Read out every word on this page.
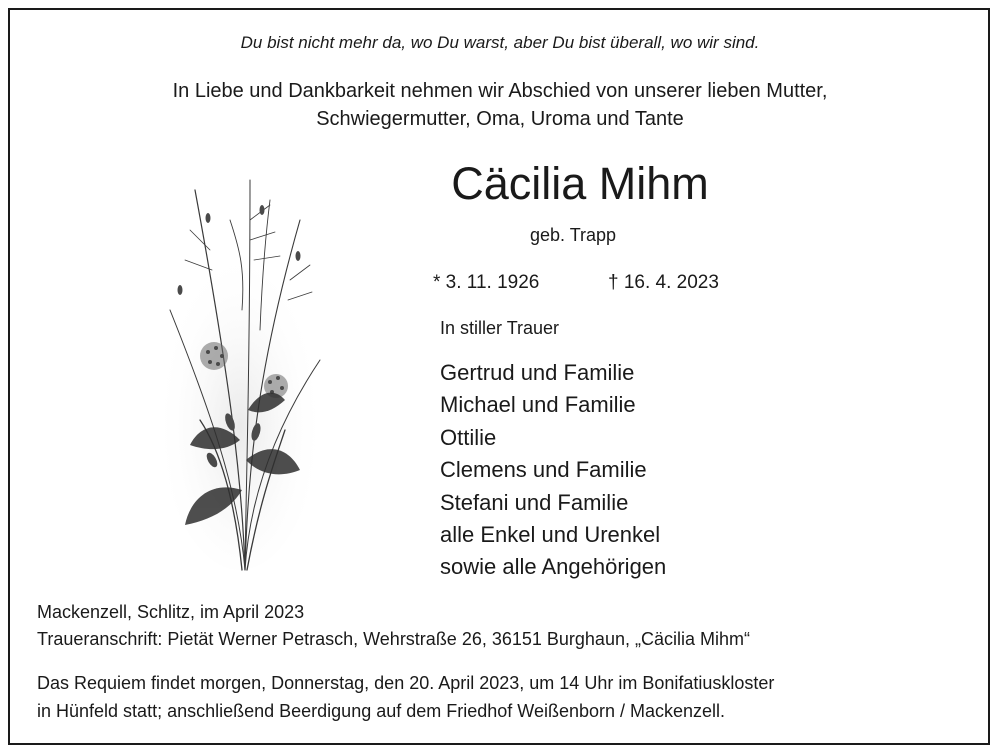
Du bist nicht mehr da, wo Du warst, aber Du bist überall, wo wir sind.
In Liebe und Dankbarkeit nehmen wir Abschied von unserer lieben Mutter,
Schwiegermutter, Oma, Uroma und Tante
Cäcilia Mihm
geb. Trapp
* 3. 11. 1926	† 16. 4. 2023
In stiller Trauer
Gertrud und Familie
Michael und Familie
Ottilie
Clemens und Familie
Stefani und Familie
alle Enkel und Urenkel
sowie alle Angehörigen
Mackenzell, Schlitz, im April 2023
Traueranschrift: Pietät Werner Petrasch, Wehrstraße 26, 36151 Burghaun, „Cäcilia Mihm“
Das Requiem findet morgen, Donnerstag, den 20. April 2023, um 14 Uhr im Bonifatiuskloster
in Hünfeld statt; anschließend Beerdigung auf dem Friedhof Weißenborn / Mackenzell.
